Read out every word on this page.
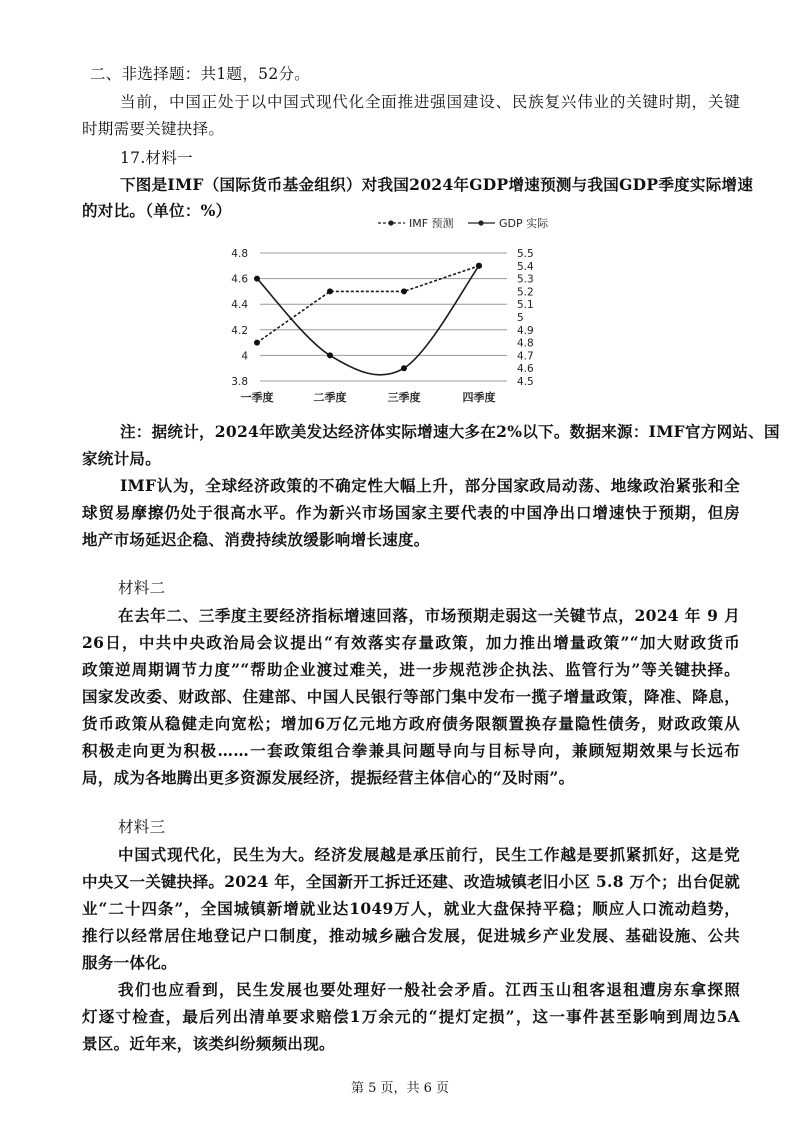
二、非选择题：共1题，52分。
当前，中国正处于以中国式现代化全面推进强国建设、民族复兴伟业的关键时期，关键
时期需要关键抉择。
17.材料一
下图是IMF（国际货币基金组织）对我国2024年GDP增速预测与我国GDP季度实际增速
的对比。（单位：%）
IMF 预测	GDP 实际
3.8
4
4.2
4.4
4.6
4.8
4.5
4.6
4.7
4.8
4.9
5
5.1
5.2
5.3
5.4
5.5
一季度	二季度	三季度	四季度
注：据统计，2024年欧美发达经济体实际增速大多在2%以下。数据来源：IMF官方网站、国
家统计局。
IMF认为，全球经济政策的不确定性大幅上升，部分国家政局动荡、地缘政治紧张和全
球贸易摩擦仍处于很高水平。作为新兴市场国家主要代表的中国净出口增速快于预期，但房
地产市场延迟企稳、消费持续放缓影响增长速度。
材料二
在去年二、三季度主要经济指标增速回落，市场预期走弱这一关键节点，2024 年 9 月
26日，中共中央政治局会议提出“有效落实存量政策，加力推出增量政策”“加大财政货币
政策逆周期调节力度”“帮助企业渡过难关，进一步规范涉企执法、监管行为”等关键抉择。
国家发改委、财政部、住建部、中国人民银行等部门集中发布一揽子增量政策，降准、降息，
货币政策从稳健走向宽松；增加6万亿元地方政府债务限额置换存量隐性债务，财政政策从
积极走向更为积极……一套政策组合拳兼具问题导向与目标导向，兼顾短期效果与长远布
局，成为各地腾出更多资源发展经济，提振经营主体信心的“及时雨”。
材料三
中国式现代化，民生为大。经济发展越是承压前行，民生工作越是要抓紧抓好，这是党
中央又一关键抉择。2024 年，全国新开工拆迁还建、改造城镇老旧小区 5.8 万个；出台促就
业“二十四条”，全国城镇新增就业达1049万人，就业大盘保持平稳；顺应人口流动趋势，
推行以经常居住地登记户口制度，推动城乡融合发展，促进城乡产业发展、基础设施、公共
服务一体化。
我们也应看到，民生发展也要处理好一般社会矛盾。江西玉山租客退租遭房东拿探照
灯逐寸检查，最后列出清单要求赔偿1万余元的“提灯定损”，这一事件甚至影响到周边5A
景区。近年来，该类纠纷频频出现。
第 5 页，共 6 页
